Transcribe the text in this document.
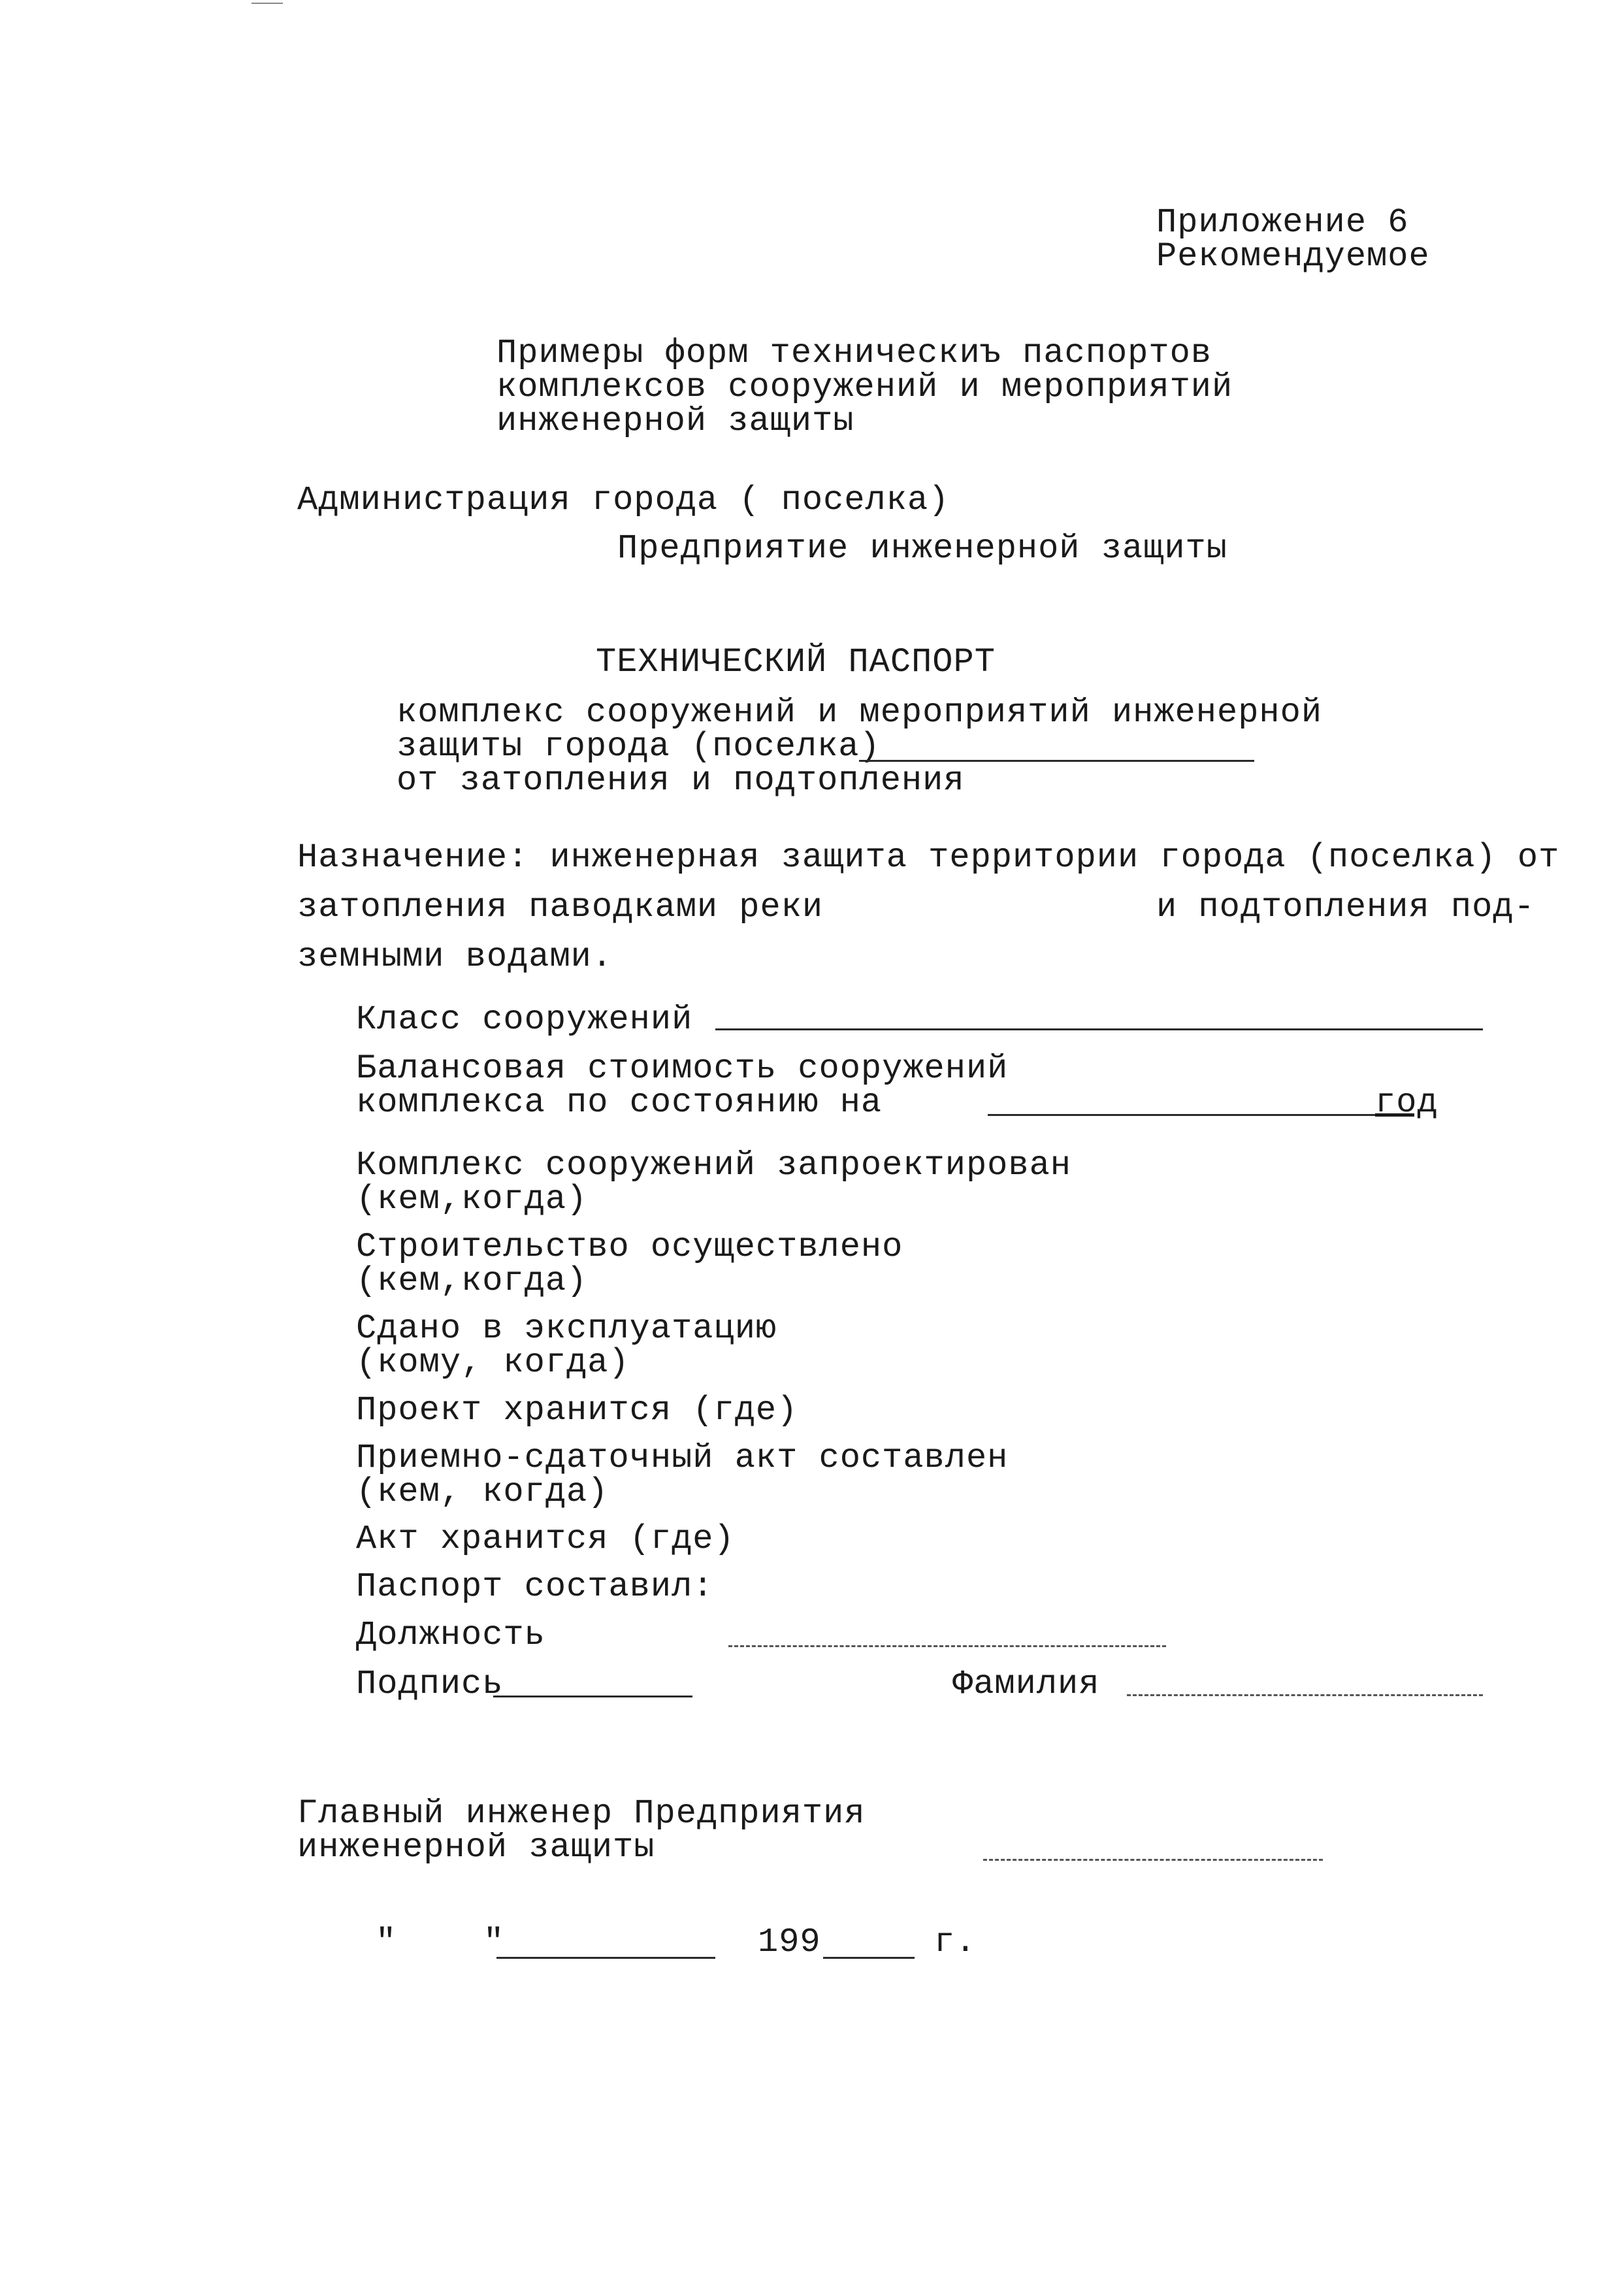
Приложение 6
Рекомендуемое
Примеры форм техническиъ паспортов
комплексов сооружений и мероприятий
инженерной защиты
Администрация города ( поселка)
Предприятие инженерной защиты
ТЕХНИЧЕСКИЙ ПАСПОРТ
комплекс сооружений и мероприятий инженерной
защиты города (поселка)
от затопления и подтопления
Назначение: инженерная защита территории города (поселка) от
затопления паводками реки	и подтопления под-
земными водами.
Класс сооружений
Балансовая стоимость сооружений
комплекса по состоянию на	год
Комплекс сооружений запроектирован
(кем,когда)
Строительство осуществлено
(кем,когда)
Сдано в эксплуатацию
(кому, когда)
Проект хранится (где)
Приемно-сдаточный акт составлен
(кем, когда)
Акт хранится (где)
Паспорт составил:
Должность
Подпись	Фамилия
Главный инженер Предприятия
инженерной защиты
"	"	199	г.
